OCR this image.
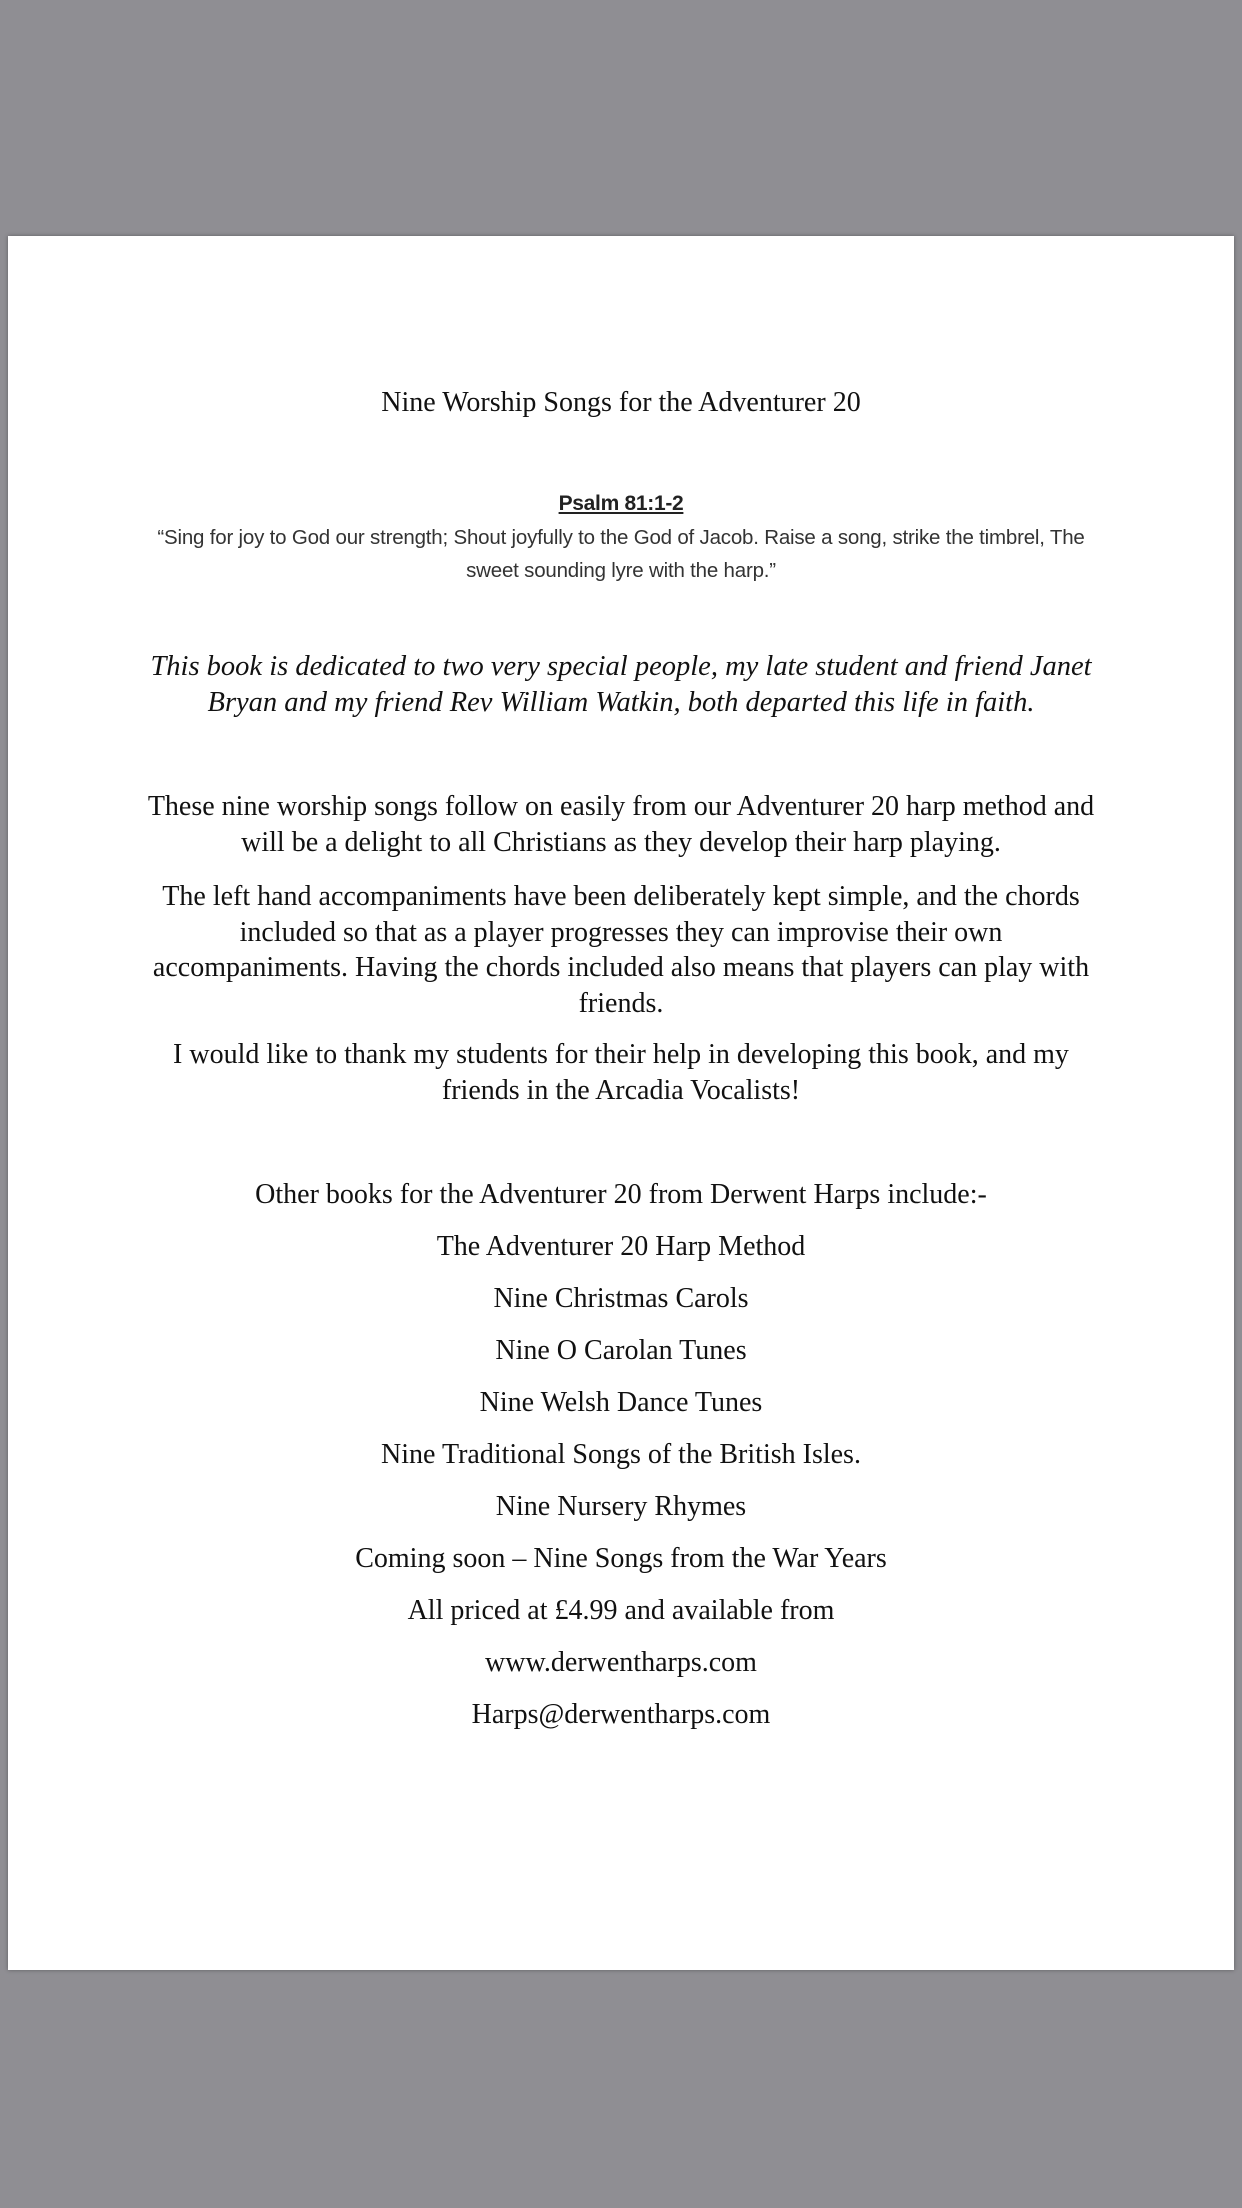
Nine Worship Songs for the Adventurer 20
Psalm 81:1-2
“Sing for joy to God our strength; Shout joyfully to the God of Jacob. Raise a song, strike the timbrel, The sweet sounding lyre with the harp.”
This book is dedicated to two very special people, my late student and friend Janet Bryan and my friend Rev William Watkin, both departed this life in faith.
These nine worship songs follow on easily from our Adventurer 20 harp method and will be a delight to all Christians as they develop their harp playing.
The left hand accompaniments have been deliberately kept simple, and the chords included so that as a player progresses they can improvise their own accompaniments. Having the chords included also means that players can play with friends.
I would like to thank my students for their help in developing this book, and my friends in the Arcadia Vocalists!
Other books for the Adventurer 20 from Derwent Harps include:-
The Adventurer 20 Harp Method
Nine Christmas Carols
Nine O Carolan Tunes
Nine Welsh Dance Tunes
Nine Traditional Songs of the British Isles.
Nine Nursery Rhymes
Coming soon – Nine Songs from the War Years
All priced at £4.99 and available from
www.derwentharps.com
Harps@derwentharps.com
